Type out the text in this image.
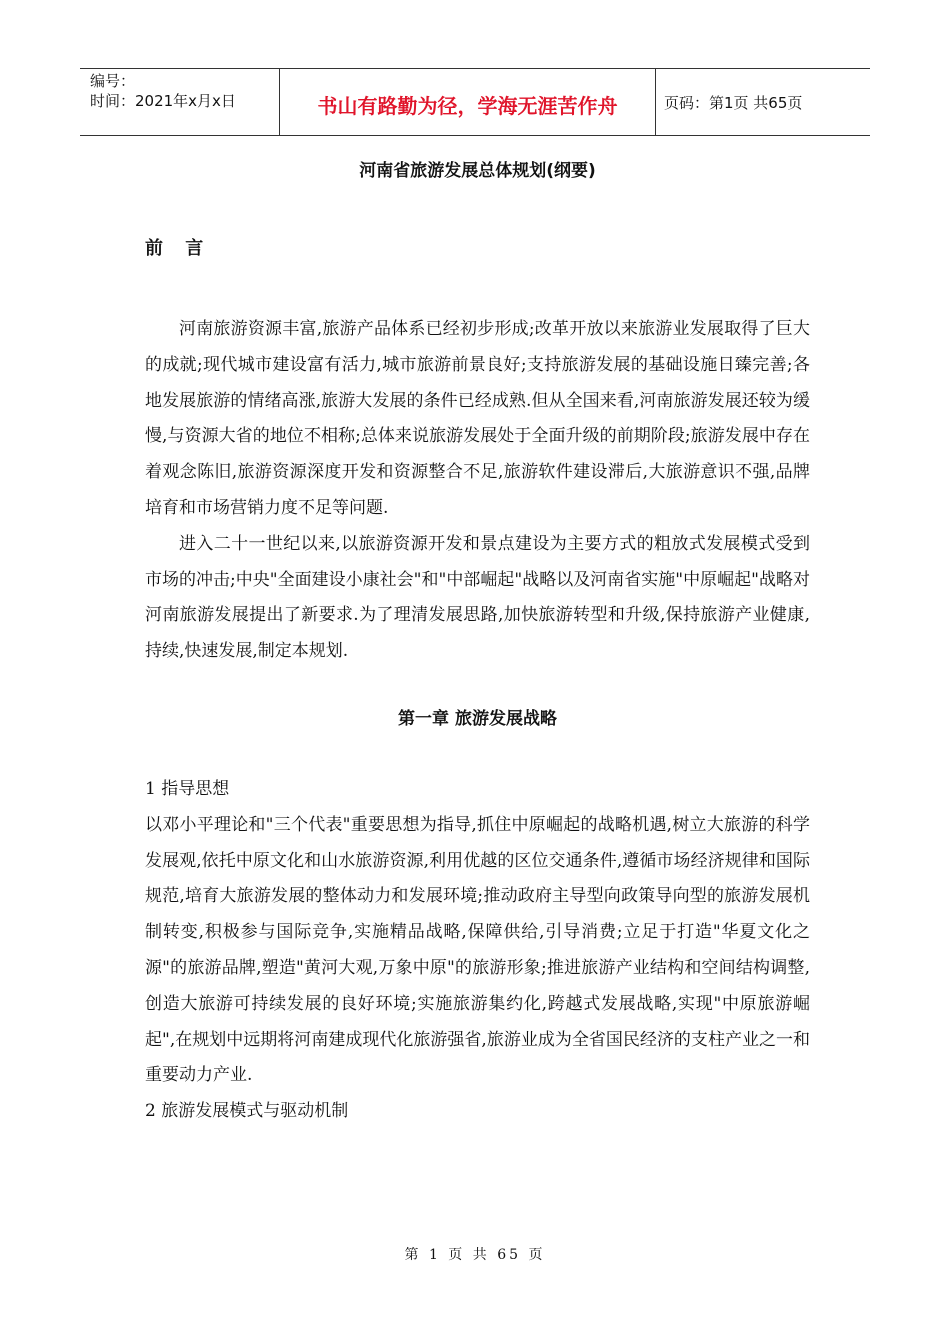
编号：
时间：2021年x月x日	书山有路勤为径，学海无涯苦作舟	页码：第1页 共65页
河南省旅游发展总体规划(纲要)
前 言

河南旅游资源丰富,旅游产品体系已经初步形成;改革开放以来旅游业发展取得了巨大的成就;现代城市建设富有活力,城市旅游前景良好;支持旅游发展的基础设施日臻完善;各地发展旅游的情绪高涨,旅游大发展的条件已经成熟.但从全国来看,河南旅游发展还较为缓慢,与资源大省的地位不相称;总体来说旅游发展处于全面升级的前期阶段;旅游发展中存在着观念陈旧,旅游资源深度开发和资源整合不足,旅游软件建设滞后,大旅游意识不强,品牌培育和市场营销力度不足等问题.

进入二十一世纪以来,以旅游资源开发和景点建设为主要方式的粗放式发展模式受到市场的冲击;中央"全面建设小康社会"和"中部崛起"战略以及河南省实施"中原崛起"战略对河南旅游发展提出了新要求.为了理清发展思路,加快旅游转型和升级,保持旅游产业健康,持续,快速发展,制定本规划.

第一章 旅游发展战略
1 指导思想

以邓小平理论和"三个代表"重要思想为指导,抓住中原崛起的战略机遇,树立大旅游的科学发展观,依托中原文化和山水旅游资源,利用优越的区位交通条件,遵循市场经济规律和国际规范,培育大旅游发展的整体动力和发展环境;推动政府主导型向政策导向型的旅游发展机制转变,积极参与国际竞争,实施精品战略,保障供给,引导消费;立足于打造"华夏文化之源"的旅游品牌,塑造"黄河大观,万象中原"的旅游形象;推进旅游产业结构和空间结构调整,创造大旅游可持续发展的良好环境;实施旅游集约化,跨越式发展战略,实现"中原旅游崛起",在规划中远期将河南建成现代化旅游强省,旅游业成为全省国民经济的支柱产业之一和重要动力产业.

2 旅游发展模式与驱动机制
第 1 页 共 65 页
